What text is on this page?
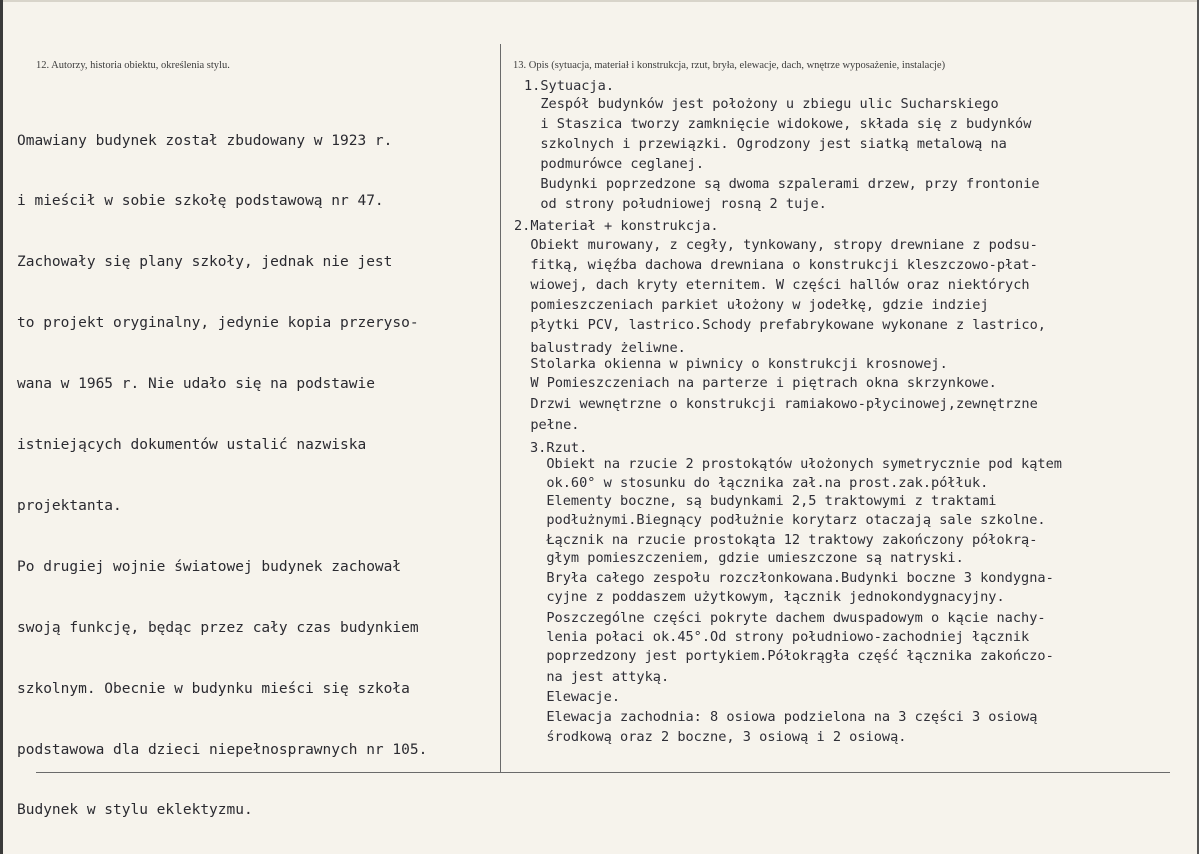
12. Autorzy, historia obiektu, określenia stylu.	13. Opis (sytuacja, materiał i konstrukcja, rzut, bryła, elewacje, dach, wnętrze wyposażenie, instalacje)

Omawiany budynek został zbudowany w 1923 r.

i mieścił w sobie szkołę podstawową nr 47.

Zachowały się plany szkoły, jednak nie jest

to projekt oryginalny, jedynie kopia przeryso-

wana w 1965 r. Nie udało się na podstawie

istniejących dokumentów ustalić nazwiska

projektanta.

Po drugiej wojnie światowej budynek zachował

swoją funkcję, będąc przez cały czas budynkiem

szkolnym. Obecnie w budynku mieści się szkoła

podstawowa dla dzieci niepełnosprawnych nr 105.

Budynek w stylu eklektyzmu.

1.Sytuacja.

Zespół budynków jest położony u zbiegu ulic Sucharskiego

i Staszica tworzy zamknięcie widokowe, składa się z budynków

szkolnych i przewiązki. Ogrodzony jest siatką metalową na

podmurówce ceglanej.

Budynki poprzedzone są dwoma szpalerami drzew, przy frontonie

od strony południowej rosną 2 tuje.

2.Materiał + konstrukcja.

Obiekt murowany, z cegły, tynkowany, stropy drewniane z podsu-

fitką, więźba dachowa drewniana o konstrukcji kleszczowo-płat-

wiowej, dach kryty eternitem. W części hallów oraz niektórych

pomieszczeniach parkiet ułożony w jodełkę, gdzie indziej

płytki PCV, lastrico.Schody prefabrykowane wykonane z lastrico,

balustrady żeliwne.

Stolarka okienna w piwnicy o konstrukcji krosnowej.

W Pomieszczeniach na parterze i piętrach okna skrzynkowe.

Drzwi wewnętrzne o konstrukcji ramiakowo-płycinowej,zewnętrzne

pełne.

3.Rzut.

Obiekt na rzucie 2 prostokątów ułożonych symetrycznie pod kątem

ok.60° w stosunku do łącznika zał.na prost.zak.półłuk.

Elementy boczne, są budynkami 2,5 traktowymi z traktami

podłużnymi.Biegnący podłużnie korytarz otaczają sale szkolne.

Łącznik na rzucie prostokąta 12 traktowy zakończony półokrą-

głym pomieszczeniem, gdzie umieszczone są natryski.

Bryła całego zespołu rozczłonkowana.Budynki boczne 3 kondygna-

cyjne z poddaszem użytkowym, łącznik jednokondygnacyjny.

Poszczególne części pokryte dachem dwuspadowym o kącie nachy-

lenia połaci ok.45°.Od strony południowo-zachodniej łącznik

poprzedzony jest portykiem.Półokrągła część łącznika zakończo-

na jest attyką.

Elewacje.

Elewacja zachodnia: 8 osiowa podzielona na 3 części 3 osiową

środkową oraz 2 boczne, 3 osiową i 2 osiową.
